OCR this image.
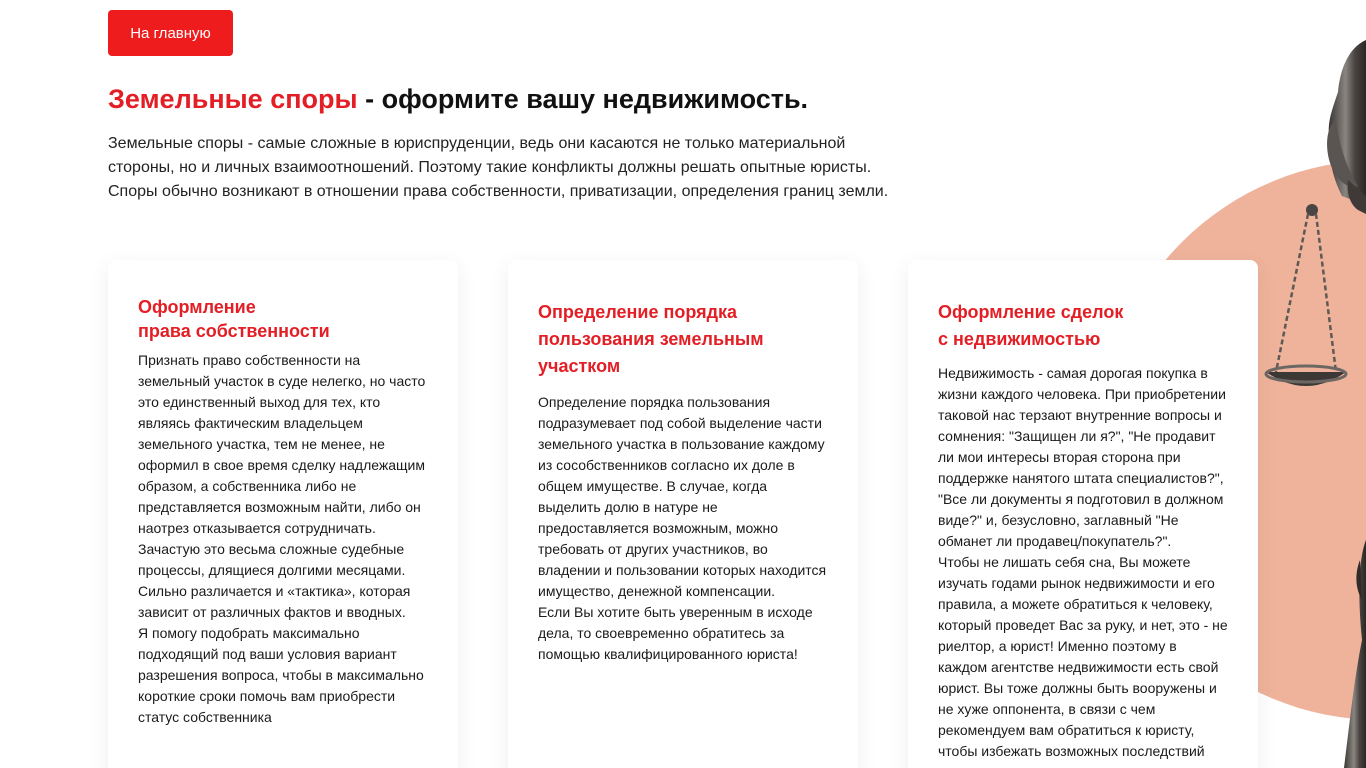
На главную
Земельные споры - оформите вашу недвижимость.
Земельные споры - самые сложные в юриспруденции, ведь они касаются не только материальной
стороны, но и личных взаимоотношений. Поэтому такие конфликты должны решать опытные юристы.
Споры обычно возникают в отношении права собственности, приватизации, определения границ земли.
Оформление
права собственности

Признать право собственности на земельный участок в суде нелегко, но часто это единственный выход для тех, кто являясь фактическим владельцем земельного участка, тем не менее, не оформил в свое время сделку надлежащим образом, а собственника либо не представляется возможным найти, либо он наотрез отказывается сотрудничать.

Зачастую это весьма сложные судебные процессы, длящиеся долгими месяцами. Сильно различается и «тактика», которая зависит от различных фактов и вводных.

Я помогу подобрать максимально подходящий под ваши условия вариант разрешения вопроса, чтобы в максимально короткие сроки помочь вам приобрести статус собственника

Определение порядка
пользования земельным
участком

Определение порядка пользования подразумевает под собой выделение части земельного участка в пользование каждому из сособственников согласно их доле в общем имуществе. В случае, когда выделить долю в натуре не предоставляется возможным, можно требовать от других участников, во владении и пользовании которых находится имущество, денежной компенсации.

Если Вы хотите быть уверенным в исходе дела, то своевременно обратитесь за помощью квалифицированного юриста!

Оформление сделок
с недвижимостью

Недвижимость - самая дорогая покупка в жизни каждого человека. При приобретении таковой нас терзают внутренние вопросы и сомнения: "Защищен ли я?", "Не продавит ли мои интересы вторая сторона при поддержке нанятого штата специалистов?", "Все ли документы я подготовил в должном виде?" и, безусловно, заглавный "Не обманет ли продавец/покупатель?".

Чтобы не лишать себя сна, Вы можете изучать годами рынок недвижимости и его правила, а можете обратиться к человеку, который проведет Вас за руку, и нет, это - не риелтор, а юрист! Именно поэтому в каждом агентстве недвижимости есть свой юрист. Вы тоже должны быть вооружены и не хуже оппонента, в связи с чем рекомендуем вам обратиться к юристу, чтобы избежать возможных последствий
